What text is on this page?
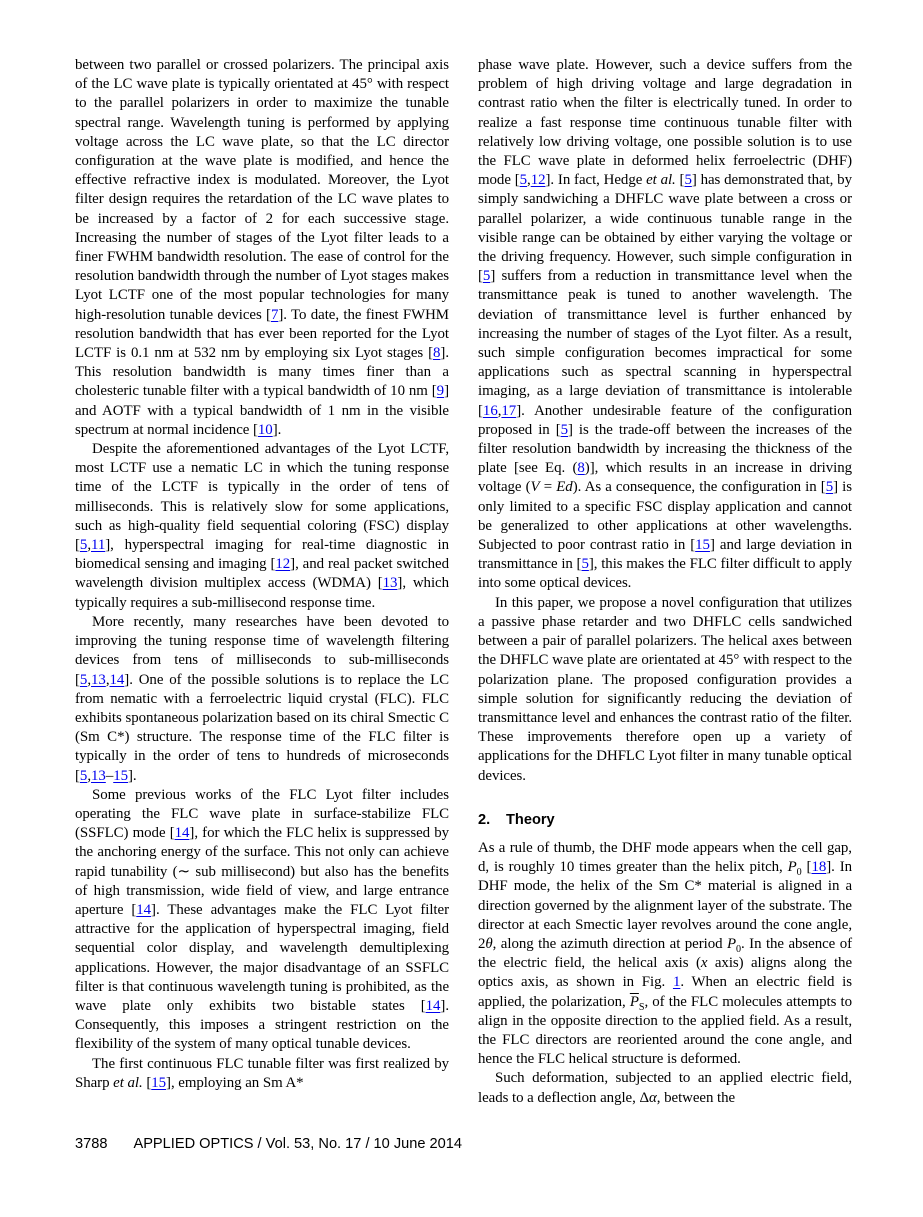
between two parallel or crossed polarizers. The principal axis of the LC wave plate is typically orientated at 45° with respect to the parallel polarizers in order to maximize the tunable spectral range. Wavelength tuning is performed by applying voltage across the LC wave plate, so that the LC director configuration at the wave plate is modified, and hence the effective refractive index is modulated. Moreover, the Lyot filter design requires the retardation of the LC wave plates to be increased by a factor of 2 for each successive stage. Increasing the number of stages of the Lyot filter leads to a finer FWHM bandwidth resolution. The ease of control for the resolution bandwidth through the number of Lyot stages makes Lyot LCTF one of the most popular technologies for many high-resolution tunable devices [7]. To date, the finest FWHM resolution bandwidth that has ever been reported for the Lyot LCTF is 0.1 nm at 532 nm by employing six Lyot stages [8]. This resolution bandwidth is many times finer than a cholesteric tunable filter with a typical bandwidth of 10 nm [9] and AOTF with a typical bandwidth of 1 nm in the visible spectrum at normal incidence [10].

Despite the aforementioned advantages of the Lyot LCTF, most LCTF use a nematic LC in which the tuning response time of the LCTF is typically in the order of tens of milliseconds. This is relatively slow for some applications, such as high-quality field sequential coloring (FSC) display [5,11], hyperspectral imaging for real-time diagnostic in biomedical sensing and imaging [12], and real packet switched wavelength division multiplex access (WDMA) [13], which typically requires a sub-millisecond response time.

More recently, many researches have been devoted to improving the tuning response time of wavelength filtering devices from tens of milliseconds to sub-milliseconds [5,13,14]. One of the possible solutions is to replace the LC from nematic with a ferroelectric liquid crystal (FLC). FLC exhibits spontaneous polarization based on its chiral Smectic C (Sm C*) structure. The response time of the FLC filter is typically in the order of tens to hundreds of microseconds [5,13–15].

Some previous works of the FLC Lyot filter includes operating the FLC wave plate in surface-stabilize FLC (SSFLC) mode [14], for which the FLC helix is suppressed by the anchoring energy of the surface. This not only can achieve rapid tunability (∼ sub millisecond) but also has the benefits of high transmission, wide field of view, and large entrance aperture [14]. These advantages make the FLC Lyot filter attractive for the application of hyperspectral imaging, field sequential color display, and wavelength demultiplexing applications. However, the major disadvantage of an SSFLC filter is that continuous wavelength tuning is prohibited, as the wave plate only exhibits two bistable states [14]. Consequently, this imposes a stringent restriction on the flexibility of the system of many optical tunable devices.

The first continuous FLC tunable filter was first realized by Sharp et al. [15], employing an Sm A*

phase wave plate. However, such a device suffers from the problem of high driving voltage and large degradation in contrast ratio when the filter is electrically tuned. In order to realize a fast response time continuous tunable filter with relatively low driving voltage, one possible solution is to use the FLC wave plate in deformed helix ferroelectric (DHF) mode [5,12]. In fact, Hedge et al. [5] has demonstrated that, by simply sandwiching a DHFLC wave plate between a cross or parallel polarizer, a wide continuous tunable range in the visible range can be obtained by either varying the voltage or the driving frequency. However, such simple configuration in [5] suffers from a reduction in transmittance level when the transmittance peak is tuned to another wavelength. The deviation of transmittance level is further enhanced by increasing the number of stages of the Lyot filter. As a result, such simple configuration becomes impractical for some applications such as spectral scanning in hyperspectral imaging, as a large deviation of transmittance is intolerable [16,17]. Another undesirable feature of the configuration proposed in [5] is the trade-off between the increases of the filter resolution bandwidth by increasing the thickness of the plate [see Eq. (8)], which results in an increase in driving voltage (V = Ed). As a consequence, the configuration in [5] is only limited to a specific FSC display application and cannot be generalized to other applications at other wavelengths. Subjected to poor contrast ratio in [15] and large deviation in transmittance in [5], this makes the FLC filter difficult to apply into some optical devices.

In this paper, we propose a novel configuration that utilizes a passive phase retarder and two DHFLC cells sandwiched between a pair of parallel polarizers. The helical axes between the DHFLC wave plate are orientated at 45° with respect to the polarization plane. The proposed configuration provides a simple solution for significantly reducing the deviation of transmittance level and enhances the contrast ratio of the filter. These improvements therefore open up a variety of applications for the DHFLC Lyot filter in many tunable optical devices.

2. Theory

As a rule of thumb, the DHF mode appears when the cell gap, d, is roughly 10 times greater than the helix pitch, $P_0$ [18]. In DHF mode, the helix of the Sm C* material is aligned in a direction governed by the alignment layer of the substrate. The director at each Smectic layer revolves around the cone angle, 2θ, along the azimuth direction at period $P_0$. In the absence of the electric field, the helical axis (x axis) aligns along the optics axis, as shown in Fig. 1. When an electric field is applied, the polarization, $\overline{P}_S$, of the FLC molecules attempts to align in the opposite direction to the applied field. As a result, the FLC directors are reoriented around the cone angle, and hence the FLC helical structure is deformed.

Such deformation, subjected to an applied electric field, leads to a deflection angle, Δα, between the

3788 APPLIED OPTICS / Vol. 53, No. 17 / 10 June 2014
